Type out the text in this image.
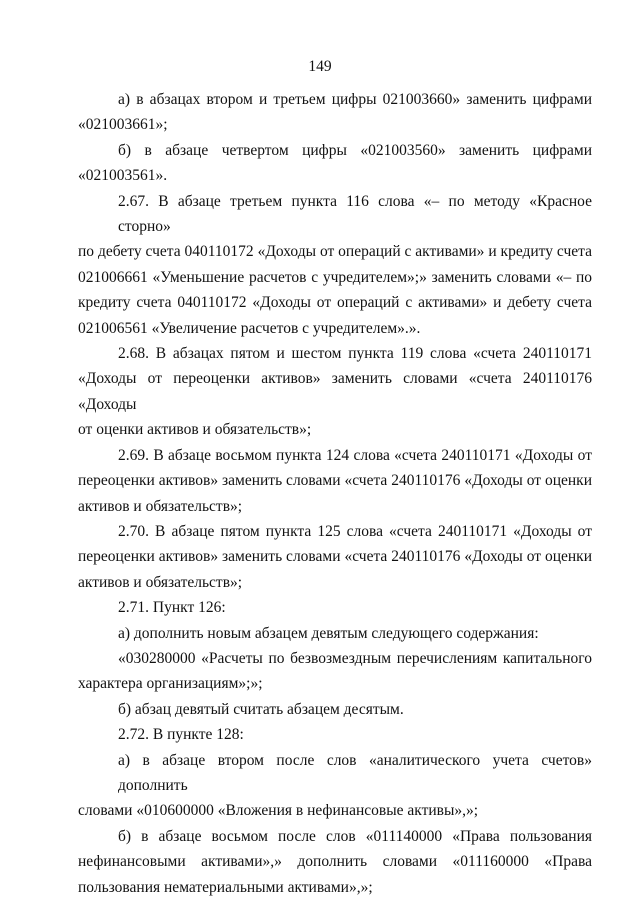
149
а) в абзацах втором и третьем цифры 021003660» заменить цифрами
«021003661»;
б) в абзаце четвертом цифры «021003560» заменить цифрами
«021003561».
2.67. В абзаце третьем пункта 116 слова «– по методу «Красное сторно»
по дебету счета 040110172 «Доходы от операций с активами» и кредиту счета
021006661 «Уменьшение расчетов с учредителем»;» заменить словами «– по
кредиту счета 040110172 «Доходы от операций с активами» и дебету счета
021006561 «Увеличение расчетов с учредителем».».
2.68. В абзацах пятом и шестом пункта 119 слова «счета 240110171
«Доходы от переоценки активов» заменить словами «счета 240110176 «Доходы
от оценки активов и обязательств»;
2.69. В абзаце восьмом пункта 124 слова «счета 240110171 «Доходы от
переоценки активов» заменить словами «счета 240110176 «Доходы от оценки
активов и обязательств»;
2.70. В абзаце пятом пункта 125 слова «счета 240110171 «Доходы от
переоценки активов» заменить словами «счета 240110176 «Доходы от оценки
активов и обязательств»;
2.71. Пункт 126:
а) дополнить новым абзацем девятым следующего содержания:
«030280000 «Расчеты по безвозмездным перечислениям капитального
характера организациям»;»;
б) абзац девятый считать абзацем десятым.
2.72. В пункте 128:
а) в абзаце втором после слов «аналитического учета счетов» дополнить
словами «010600000 «Вложения в нефинансовые активы»,»;
б) в абзаце восьмом после слов «011140000 «Права пользования
нефинансовыми активами»,» дополнить словами «011160000 «Права
пользования нематериальными активами»,»;
